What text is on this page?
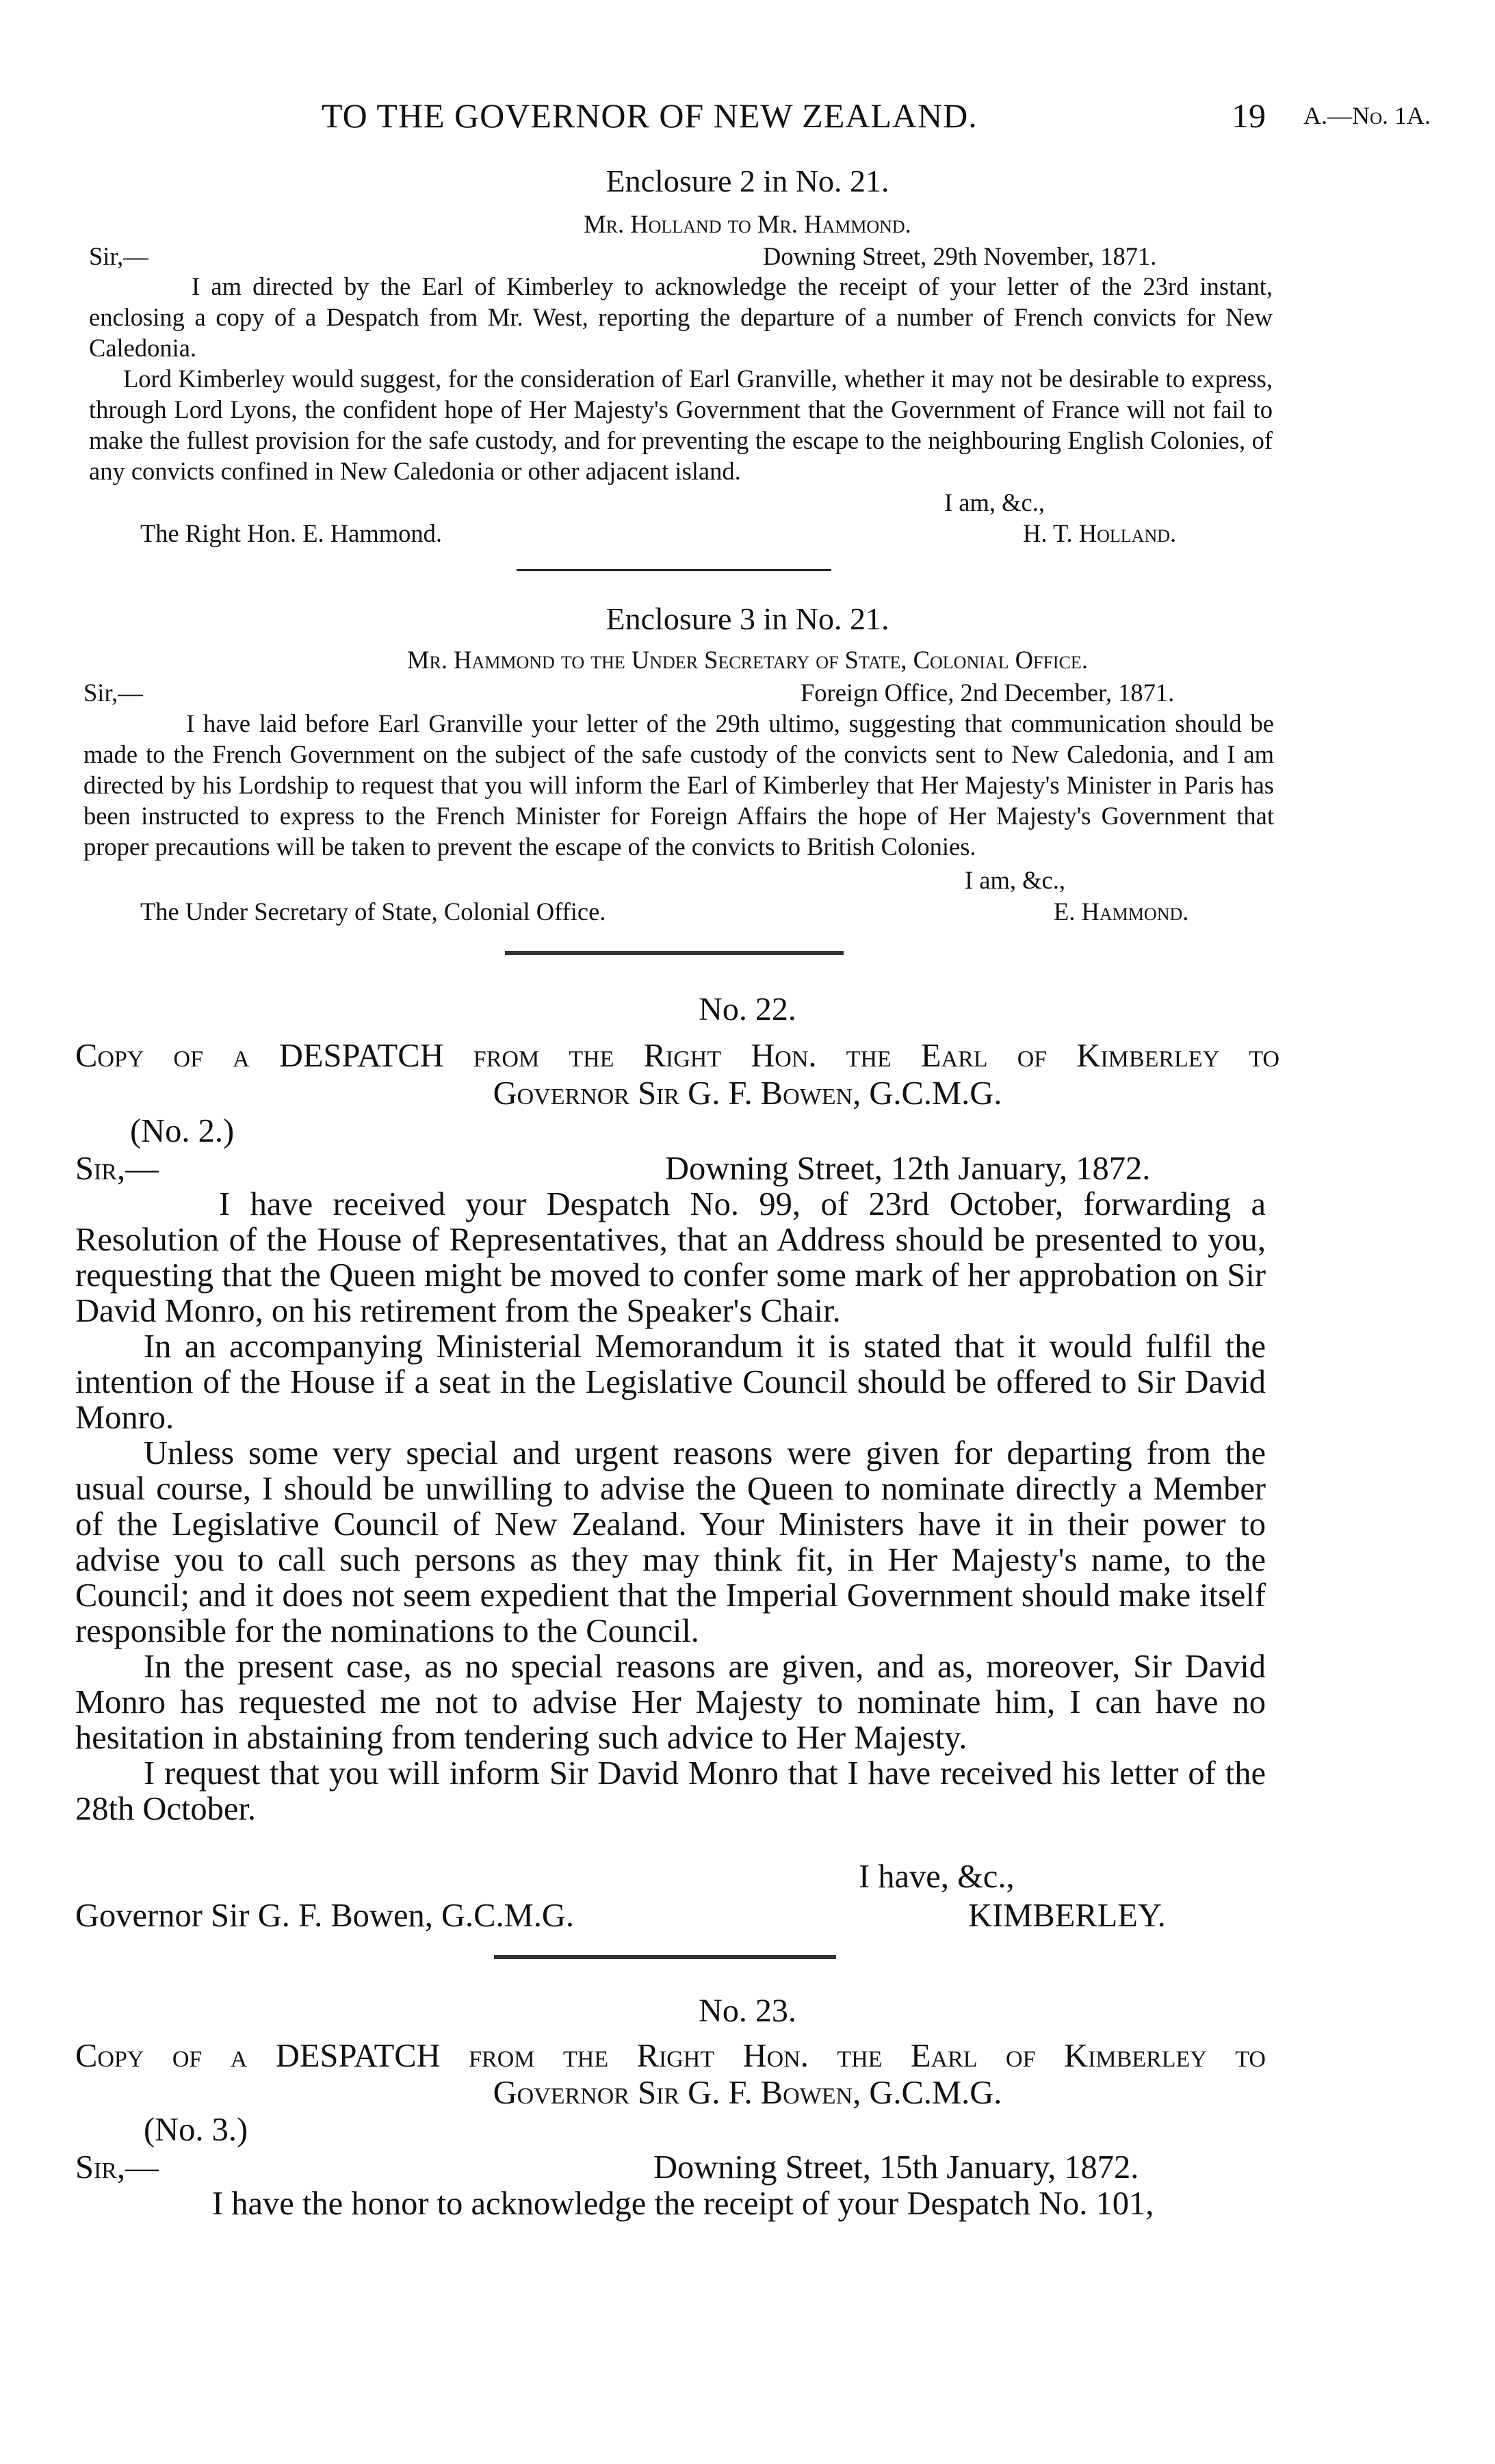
TO THE GOVERNOR OF NEW ZEALAND.	19 A.—No. 1A.
Enclosure 2 in No. 21.
Mr. Holland to Mr. Hammond.
Sir,—	Downing Street, 29th November, 1871.

I am directed by the Earl of Kimberley to acknowledge the receipt of your letter of the 23rd instant, enclosing a copy of a Despatch from Mr. West, reporting the departure of a number of French convicts for New Caledonia.

Lord Kimberley would suggest, for the consideration of Earl Granville, whether it may not be desirable to express, through Lord Lyons, the confident hope of Her Majesty's Government that the Government of France will not fail to make the fullest provision for the safe custody, and for preventing the escape to the neighbouring English Colonies, of any convicts confined in New Caledonia or other adjacent island.

I am, &c.,
The Right Hon. E. Hammond.	H. T. Holland.
Enclosure 3 in No. 21.
Mr. Hammond to the Under Secretary of State, Colonial Office.
Sir,—	Foreign Office, 2nd December, 1871.

I have laid before Earl Granville your letter of the 29th ultimo, suggesting that communication should be made to the French Government on the subject of the safe custody of the convicts sent to New Caledonia, and I am directed by his Lordship to request that you will inform the Earl of Kimberley that Her Majesty's Minister in Paris has been instructed to express to the French Minister for Foreign Affairs the hope of Her Majesty's Government that proper precautions will be taken to prevent the escape of the convicts to British Colonies.

I am, &c.,
The Under Secretary of State, Colonial Office.	E. Hammond.
No. 22.
Copy of a DESPATCH from the Right Hon. the Earl of Kimberley to
Governor Sir G. F. Bowen, G.C.M.G.
(No. 2.)
Sir,—	Downing Street, 12th January, 1872.

I have received your Despatch No. 99, of 23rd October, forwarding a Resolution of the House of Representatives, that an Address should be presented to you, requesting that the Queen might be moved to confer some mark of her approbation on Sir David Monro, on his retirement from the Speaker's Chair.

In an accompanying Ministerial Memorandum it is stated that it would fulfil the intention of the House if a seat in the Legislative Council should be offered to Sir David Monro.

Unless some very special and urgent reasons were given for departing from the usual course, I should be unwilling to advise the Queen to nominate directly a Member of the Legislative Council of New Zealand. Your Ministers have it in their power to advise you to call such persons as they may think fit, in Her Majesty's name, to the Council; and it does not seem expedient that the Imperial Government should make itself responsible for the nominations to the Council.

In the present case, as no special reasons are given, and as, moreover, Sir David Monro has requested me not to advise Her Majesty to nominate him, I can have no hesitation in abstaining from tendering such advice to Her Majesty.

I request that you will inform Sir David Monro that I have received his letter of the 28th October.

I have, &c.,
Governor Sir G. F. Bowen, G.C.M.G.	KIMBERLEY.
No. 23.
Copy of a DESPATCH from the Right Hon. the Earl of Kimberley to
Governor Sir G. F. Bowen, G.C.M.G.
(No. 3.)
Sir,—	Downing Street, 15th January, 1872.

I have the honor to acknowledge the receipt of your Despatch No. 101,
